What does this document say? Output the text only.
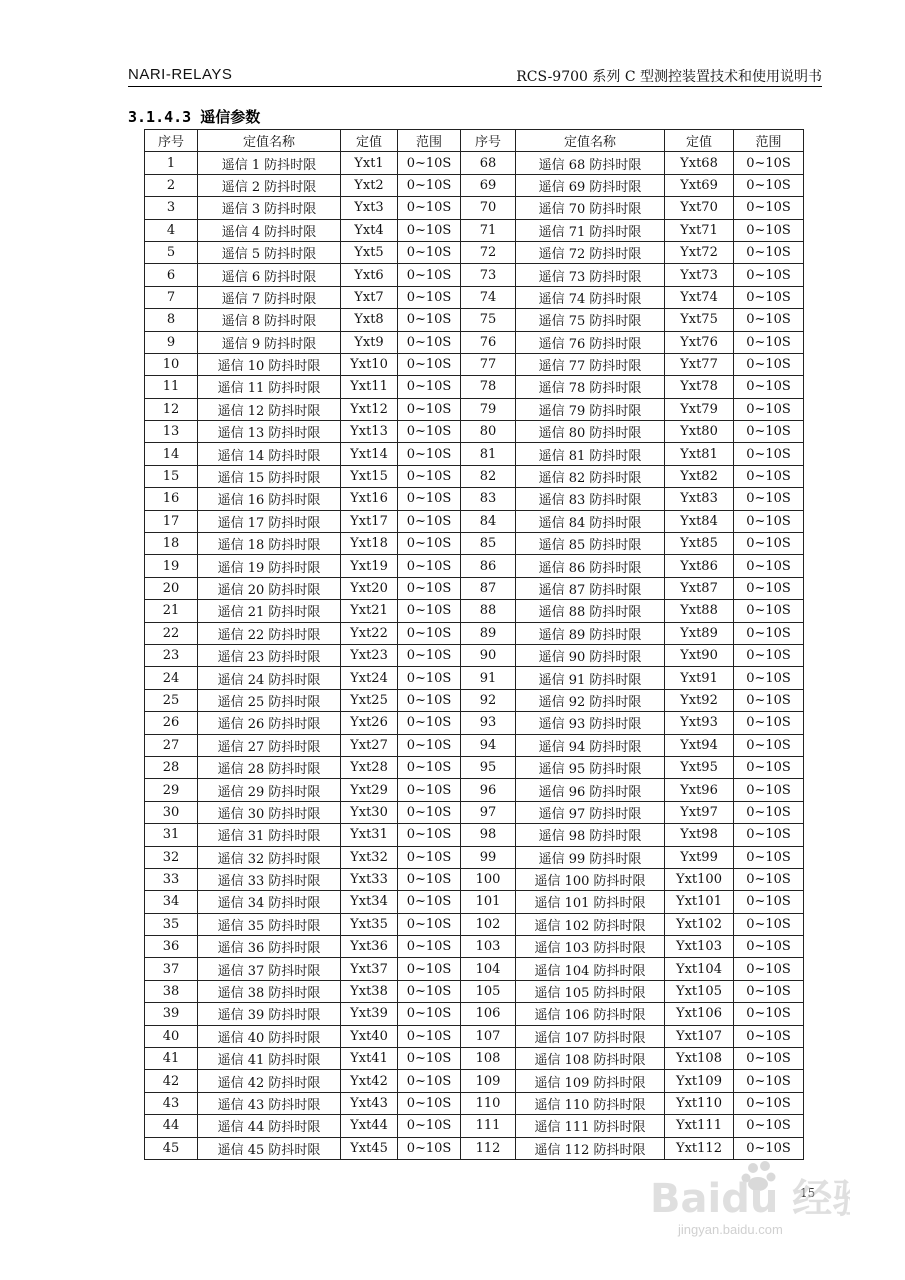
NARI-RELAYS	RCS-9700 系列 C 型测控装置技术和使用说明书
3.1.4.3 遥信参数
序号	定值名称	定值	范围	序号	定值名称	定值	范围
1	遥信 1 防抖时限	Yxt1	0~10S	68	遥信 68 防抖时限	Yxt68	0~10S
2	遥信 2 防抖时限	Yxt2	0~10S	69	遥信 69 防抖时限	Yxt69	0~10S
3	遥信 3 防抖时限	Yxt3	0~10S	70	遥信 70 防抖时限	Yxt70	0~10S
4	遥信 4 防抖时限	Yxt4	0~10S	71	遥信 71 防抖时限	Yxt71	0~10S
5	遥信 5 防抖时限	Yxt5	0~10S	72	遥信 72 防抖时限	Yxt72	0~10S
6	遥信 6 防抖时限	Yxt6	0~10S	73	遥信 73 防抖时限	Yxt73	0~10S
7	遥信 7 防抖时限	Yxt7	0~10S	74	遥信 74 防抖时限	Yxt74	0~10S
8	遥信 8 防抖时限	Yxt8	0~10S	75	遥信 75 防抖时限	Yxt75	0~10S
9	遥信 9 防抖时限	Yxt9	0~10S	76	遥信 76 防抖时限	Yxt76	0~10S
10	遥信 10 防抖时限	Yxt10	0~10S	77	遥信 77 防抖时限	Yxt77	0~10S
11	遥信 11 防抖时限	Yxt11	0~10S	78	遥信 78 防抖时限	Yxt78	0~10S
12	遥信 12 防抖时限	Yxt12	0~10S	79	遥信 79 防抖时限	Yxt79	0~10S
13	遥信 13 防抖时限	Yxt13	0~10S	80	遥信 80 防抖时限	Yxt80	0~10S
14	遥信 14 防抖时限	Yxt14	0~10S	81	遥信 81 防抖时限	Yxt81	0~10S
15	遥信 15 防抖时限	Yxt15	0~10S	82	遥信 82 防抖时限	Yxt82	0~10S
16	遥信 16 防抖时限	Yxt16	0~10S	83	遥信 83 防抖时限	Yxt83	0~10S
17	遥信 17 防抖时限	Yxt17	0~10S	84	遥信 84 防抖时限	Yxt84	0~10S
18	遥信 18 防抖时限	Yxt18	0~10S	85	遥信 85 防抖时限	Yxt85	0~10S
19	遥信 19 防抖时限	Yxt19	0~10S	86	遥信 86 防抖时限	Yxt86	0~10S
20	遥信 20 防抖时限	Yxt20	0~10S	87	遥信 87 防抖时限	Yxt87	0~10S
21	遥信 21 防抖时限	Yxt21	0~10S	88	遥信 88 防抖时限	Yxt88	0~10S
22	遥信 22 防抖时限	Yxt22	0~10S	89	遥信 89 防抖时限	Yxt89	0~10S
23	遥信 23 防抖时限	Yxt23	0~10S	90	遥信 90 防抖时限	Yxt90	0~10S
24	遥信 24 防抖时限	Yxt24	0~10S	91	遥信 91 防抖时限	Yxt91	0~10S
25	遥信 25 防抖时限	Yxt25	0~10S	92	遥信 92 防抖时限	Yxt92	0~10S
26	遥信 26 防抖时限	Yxt26	0~10S	93	遥信 93 防抖时限	Yxt93	0~10S
27	遥信 27 防抖时限	Yxt27	0~10S	94	遥信 94 防抖时限	Yxt94	0~10S
28	遥信 28 防抖时限	Yxt28	0~10S	95	遥信 95 防抖时限	Yxt95	0~10S
29	遥信 29 防抖时限	Yxt29	0~10S	96	遥信 96 防抖时限	Yxt96	0~10S
30	遥信 30 防抖时限	Yxt30	0~10S	97	遥信 97 防抖时限	Yxt97	0~10S
31	遥信 31 防抖时限	Yxt31	0~10S	98	遥信 98 防抖时限	Yxt98	0~10S
32	遥信 32 防抖时限	Yxt32	0~10S	99	遥信 99 防抖时限	Yxt99	0~10S
33	遥信 33 防抖时限	Yxt33	0~10S	100	遥信 100 防抖时限	Yxt100	0~10S
34	遥信 34 防抖时限	Yxt34	0~10S	101	遥信 101 防抖时限	Yxt101	0~10S
35	遥信 35 防抖时限	Yxt35	0~10S	102	遥信 102 防抖时限	Yxt102	0~10S
36	遥信 36 防抖时限	Yxt36	0~10S	103	遥信 103 防抖时限	Yxt103	0~10S
37	遥信 37 防抖时限	Yxt37	0~10S	104	遥信 104 防抖时限	Yxt104	0~10S
38	遥信 38 防抖时限	Yxt38	0~10S	105	遥信 105 防抖时限	Yxt105	0~10S
39	遥信 39 防抖时限	Yxt39	0~10S	106	遥信 106 防抖时限	Yxt106	0~10S
40	遥信 40 防抖时限	Yxt40	0~10S	107	遥信 107 防抖时限	Yxt107	0~10S
41	遥信 41 防抖时限	Yxt41	0~10S	108	遥信 108 防抖时限	Yxt108	0~10S
42	遥信 42 防抖时限	Yxt42	0~10S	109	遥信 109 防抖时限	Yxt109	0~10S
43	遥信 43 防抖时限	Yxt43	0~10S	110	遥信 110 防抖时限	Yxt110	0~10S
44	遥信 44 防抖时限	Yxt44	0~10S	111	遥信 111 防抖时限	Yxt111	0~10S
45	遥信 45 防抖时限	Yxt45	0~10S	112	遥信 112 防抖时限	Yxt112	0~10S
15
Baidu 经
jingyan.baidu.com
